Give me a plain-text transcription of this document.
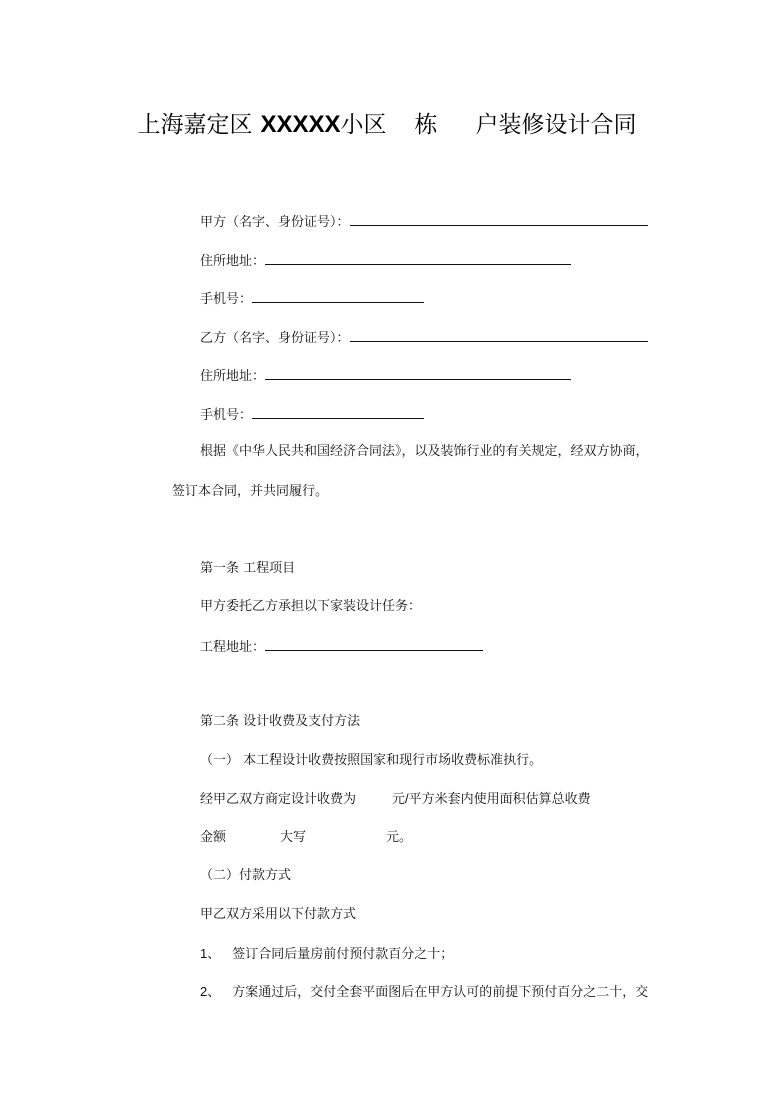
上海嘉定区 XXXXX小区 栋 户装修设计合同
甲方（名字、身份证号）：
住所地址：
手机号：
乙方（名字、身份证号）：
住所地址：
手机号：
根据《中华人民共和国经济合同法》，以及装饰行业的有关规定，经双方协商，
签订本合同，并共同履行。
第一条 工程项目
甲方委托乙方承担以下家装设计任务：
工程地址：
第二条 设计收费及支付方法
（一） 本工程设计收费按照国家和现行市场收费标准执行。
经甲乙双方商定设计收费为	元/平方米套内使用面积估算总收费
金额	大写	元。
（二）付款方式
甲乙双方采用以下付款方式
1、 签订合同后量房前付预付款百分之十；
2、 方案通过后，交付全套平面图后在甲方认可的前提下预付百分之二十，交
